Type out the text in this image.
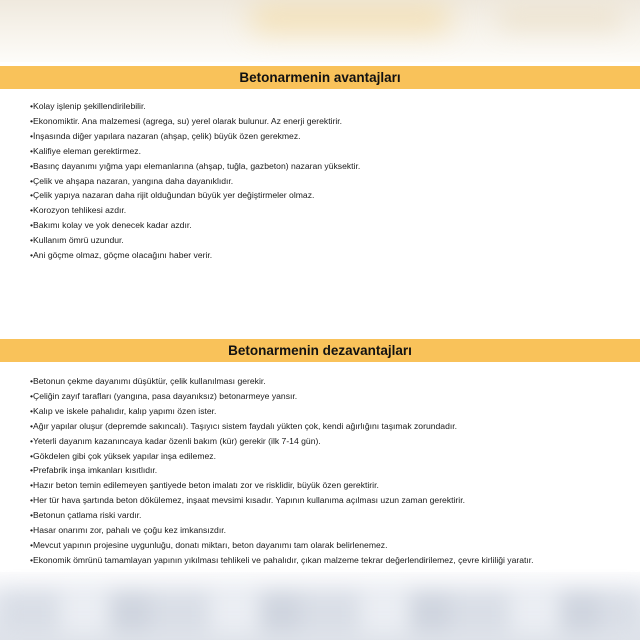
Betonarmenin avantajları
• Kolay işlenip şekillendirilebilir.
• Ekonomiktir. Ana malzemesi (agrega, su) yerel olarak bulunur. Az enerji gerektirir.
• İnşasında diğer yapılara nazaran (ahşap, çelik) büyük özen gerekmez.
• Kalifiye eleman gerektirmez.
• Basınç dayanımı yığma yapı elemanlarına (ahşap, tuğla, gazbeton) nazaran yüksektir.
• Çelik ve ahşapa nazaran, yangına daha dayanıklıdır.
• Çelik yapıya nazaran daha rijit olduğundan büyük yer değiştirmeler olmaz.
• Korozyon tehlikesi azdır.
• Bakımı kolay ve yok denecek kadar azdır.
• Kullanım ömrü uzundur.
• Ani göçme olmaz, göçme olacağını haber verir.
Betonarmenin dezavantajları
• Betonun çekme dayanımı düşüktür, çelik kullanılması gerekir.
• Çeliğin zayıf tarafları (yangına, pasa dayanıksız) betonarmeye yansır.
• Kalıp ve iskele pahalıdır, kalıp yapımı özen ister.
• Ağır yapılar oluşur (depremde sakıncalı). Taşıyıcı sistem faydalı yükten çok, kendi ağırlığını taşımak zorundadır.
• Yeterli dayanım kazanıncaya kadar özenli bakım (kür) gerekir (ilk 7-14 gün).
• Gökdelen gibi çok yüksek yapılar inşa edilemez.
• Prefabrik inşa imkanları kısıtlıdır.
• Hazır beton temin edilemeyen şantiyede beton imalatı zor ve risklidir, büyük özen gerektirir.
• Her tür hava şartında beton dökülemez, inşaat mevsimi kısadır. Yapının kullanıma açılması uzun zaman gerektirir.
• Betonun çatlama riski vardır.
• Hasar onarımı zor, pahalı ve çoğu kez imkansızdır.
• Mevcut yapının projesine uygunluğu, donatı miktarı, beton dayanımı tam olarak belirlenemez.
• Ekonomik ömrünü tamamlayan yapının yıkılması tehlikeli ve pahalıdır, çıkan malzeme tekrar değerlendirilemez, çevre kirliliği yaratır.
